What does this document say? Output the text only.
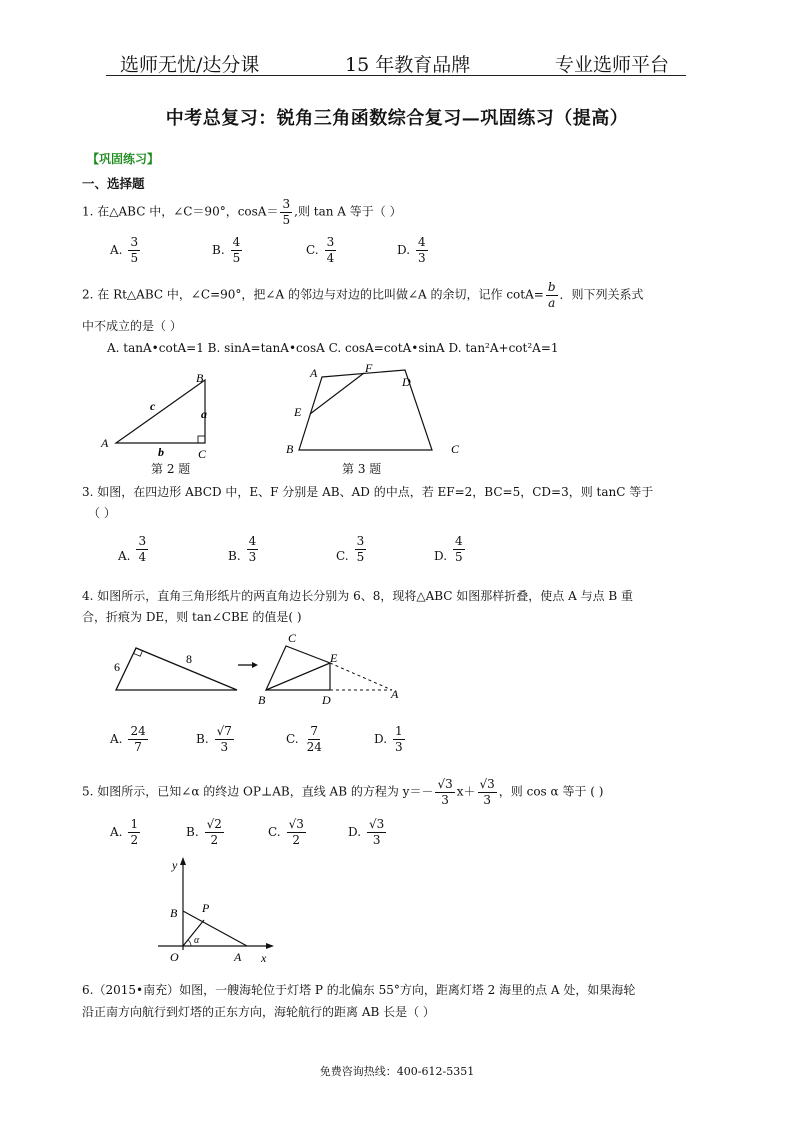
选师无忧/达分课	15 年教育品牌	专业选师平台
中考总复习：锐角三角函数综合复习—巩固练习（提高）
【巩固练习】
一、选择题
1. 在△ABC 中，∠C＝90°，$\cos A= \frac{3}{5}$ ,则 tan A 等于（ ）
A. $\frac{3}{5}$	B. $\frac{4}{5}$	C. $\frac{3}{4}$	D. $\frac{4}{3}$
2. 在 Rt△ABC 中，∠C=90°，把∠A 的邻边与对边的比叫做∠A 的余切，记作 $\cot A= \frac{b}{a}$ ．则下列关系式
中不成立的是（ ）
A. tanA•cotA=1 B. sinA=tanA•cosA C. cosA=cotA•sinA D. tan²A+cot²A=1
A
B
C
a
b
c
第 2 题
A	F
D
E
B	C
第 3 题
3. 如图，在四边形 ABCD 中，E、F 分别是 AB、AD 的中点，若 EF=2，BC=5，CD=3，则 tanC 等于
（ ）
A. $\frac{3}{4}$	B. $\frac{4}{3}$	C. $\frac{3}{5}$	D. $\frac{4}{5}$
4. 如图所示，直角三角形纸片的两直角边长分别为 6、8，现将△ABC 如图那样折叠，使点 A 与点 B 重
合，折痕为 DE，则 tan∠CBE 的值是( )
6
8
C
E
B	D	A
A. $\frac{24}{7}$	B. $\frac{√7}{3}$	C. $\frac{7}{24}$	D. $\frac{1}{3}$
5. 如图所示，已知∠α 的终边 OP⊥AB，直线 AB 的方程为 $y=- \frac{√3}{3} x+ \frac{√3}{3}$ ，则 cos α 等于 ( )
A. $\frac{1}{2}$	B. $\frac{√2}{2}$	C. $\frac{√3}{2}$	D. $\frac{√3}{3}$
y
x
B P
O	A
α
6.（2015•南充）如图，一艘海轮位于灯塔 P 的北偏东 55°方向，距离灯塔 2 海里的点 A 处，如果海轮
沿正南方向航行到灯塔的正东方向，海轮航行的距离 AB 长是（ ）
免费咨询热线：400-612-5351
